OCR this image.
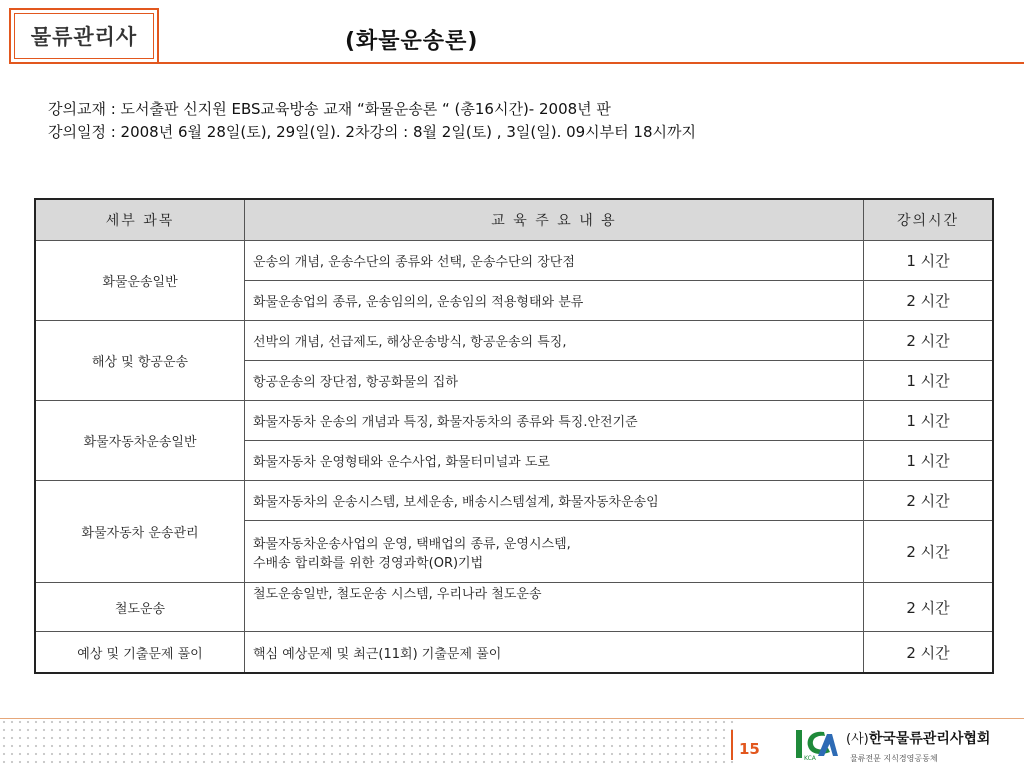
물류관리사	(화물운송론)
강의교재 : 도서출판 신지원 EBS교육방송 교재 “화물운송론 “ (총16시간)- 2008년 판
강의일정 : 2008년 6월 28일(토), 29일(일). 2차강의 : 8월 2일(토) , 3일(일). 09시부터 18시까지
세부 과목	교 육 주 요 내 용	강의시간
화물운송일반	운송의 개념, 운송수단의 종류와 선택, 운송수단의 장단점	1 시간
	화물운송업의 종류, 운송임의의, 운송임의 적용형태와 분류	2 시간
해상 및 항공운송	선박의 개념, 선급제도, 해상운송방식, 항공운송의 특징,	2 시간
	항공운송의 장단점, 항공화물의 집하	1 시간
화물자동차운송일반	화물자동차 운송의 개념과 특징, 화물자동차의 종류와 특징.안전기준	1 시간
	화물자동차 운영형태와 운수사업, 화물터미널과 도로	1 시간
화물자동차 운송관리	화물자동차의 운송시스템, 보세운송, 배송시스템설계, 화물자동차운송임	2 시간

	화물자동차운송사업의 운영, 택배업의 종류, 운영시스템,
수배송 합리화를 위한 경영과학(OR)기법	2 시간
철도운송	철도운송일반, 철도운송 시스템, 우리나라 철도운송	2 시간
예상 및 기출문제 풀이	핵심 예상문제 및 최근(11회) 기출문제 풀이	2 시간
15
KCA
(사)한국물류관리사협회
물류전문 지식경영공동체
